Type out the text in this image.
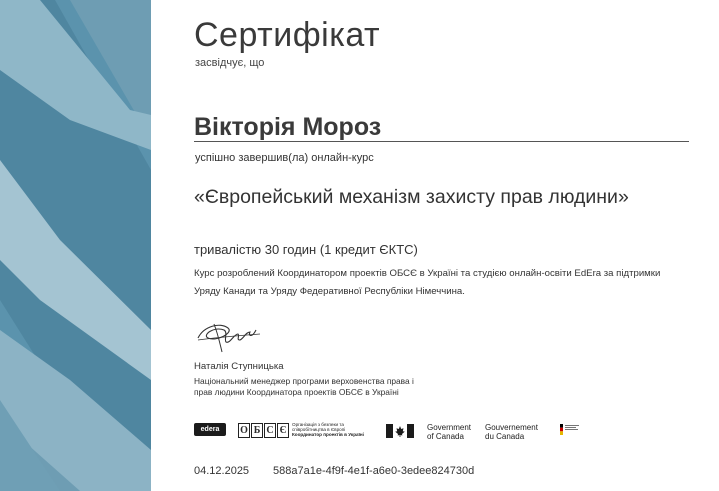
Сертифікат
засвідчує, що
Вікторія Мороз
успішно завершив(ла) онлайн-курс
«Європейський механізм захисту прав людини»
тривалістю 30 годин (1 кредит ЄКТС)
Курс розроблений Координатором проектів ОБСЄ в Україні та студією онлайн-освіти EdEra за підтримки Уряду Канади та Уряду Федеративної Республіки Німеччина.
Наталія Ступницька
Національний менеджер програми верховенства права і
прав людини Координатора проектів ОБСЄ в Україні
edera	О Б С Є
Організація з безпеки та
співробітництва в Європі
Координатор проектів в Україні
Government
of Canada
Gouvernement
du Canada
04.12.2025 588a7a1e-4f9f-4e1f-a6e0-3edee824730d
